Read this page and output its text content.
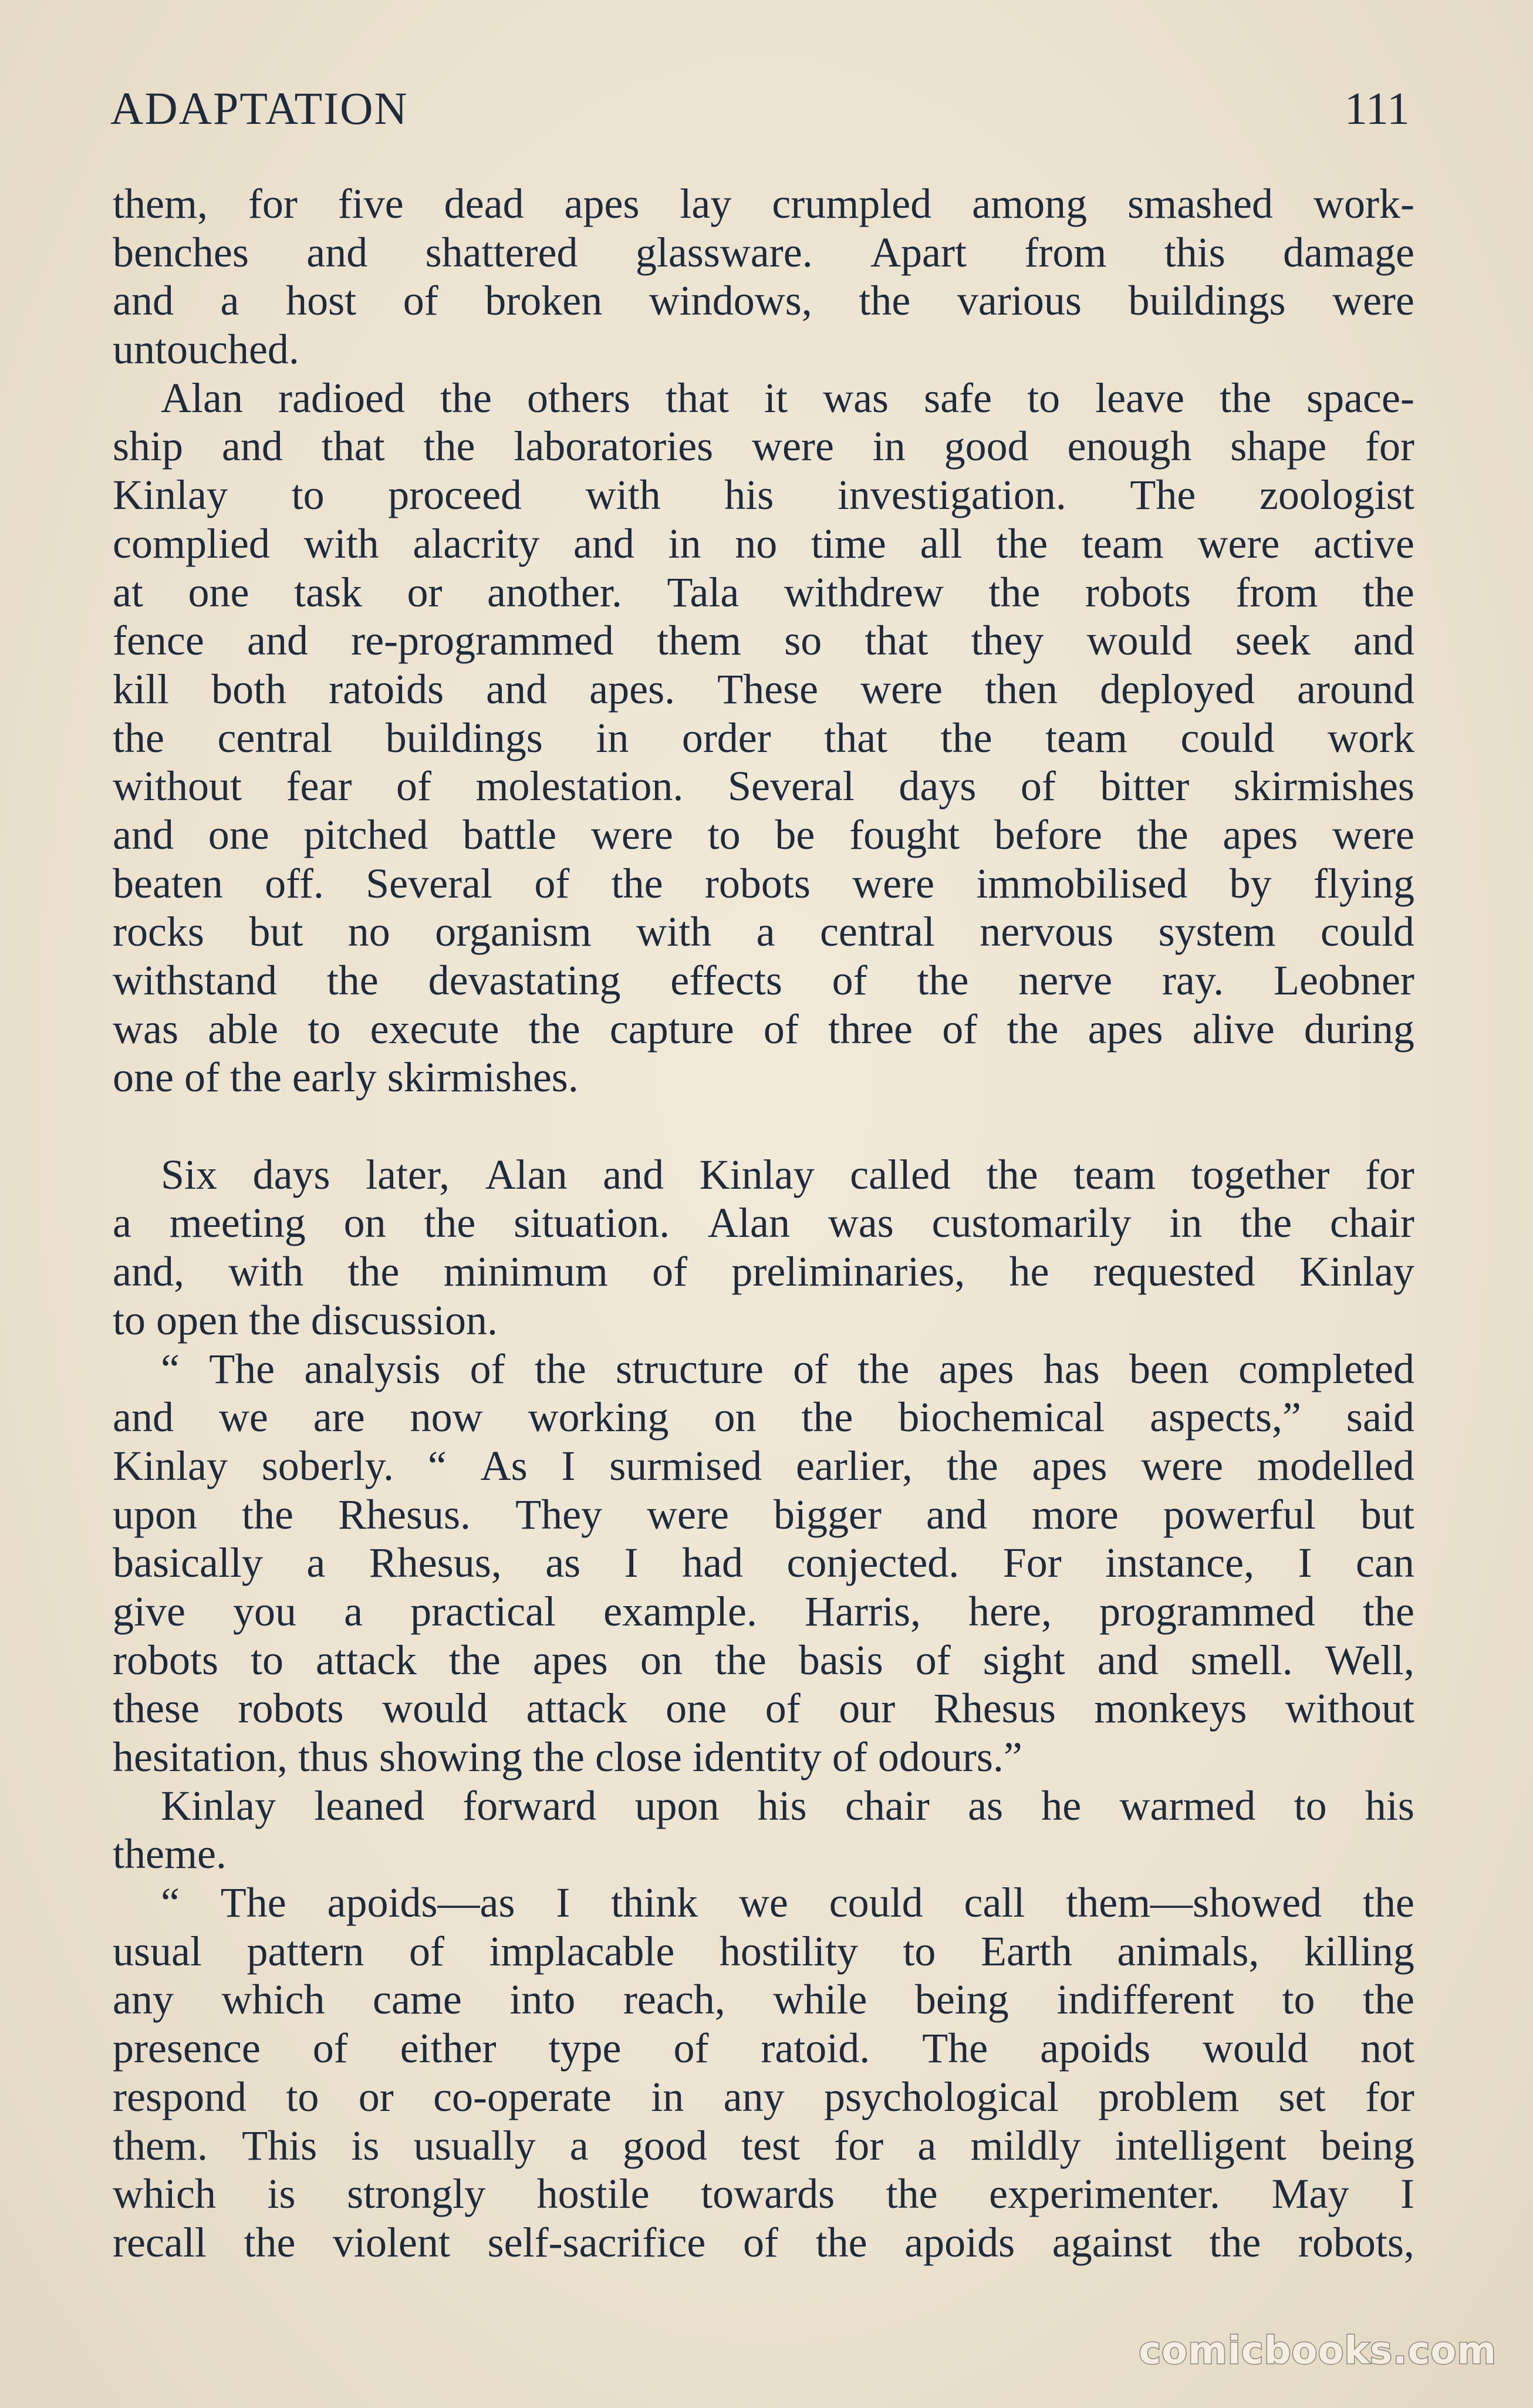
ADAPTATION	111
them, for five dead apes lay crumpled among smashed work-
benches and shattered glassware. Apart from this damage
and a host of broken windows, the various buildings were
untouched.
Alan radioed the others that it was safe to leave the space-
ship and that the laboratories were in good enough shape for
Kinlay to proceed with his investigation. The zoologist
complied with alacrity and in no time all the team were active
at one task or another. Tala withdrew the robots from the
fence and re-programmed them so that they would seek and
kill both ratoids and apes. These were then deployed around
the central buildings in order that the team could work
without fear of molestation. Several days of bitter skirmishes
and one pitched battle were to be fought before the apes were
beaten off. Several of the robots were immobilised by flying
rocks but no organism with a central nervous system could
withstand the devastating effects of the nerve ray. Leobner
was able to execute the capture of three of the apes alive during
one of the early skirmishes.
Six days later, Alan and Kinlay called the team together for
a meeting on the situation. Alan was customarily in the chair
and, with the minimum of preliminaries, he requested Kinlay
to open the discussion.
“ The analysis of the structure of the apes has been completed
and we are now working on the biochemical aspects,” said
Kinlay soberly. “ As I surmised earlier, the apes were modelled
upon the Rhesus. They were bigger and more powerful but
basically a Rhesus, as I had conjected. For instance, I can
give you a practical example. Harris, here, programmed the
robots to attack the apes on the basis of sight and smell. Well,
these robots would attack one of our Rhesus monkeys without
hesitation, thus showing the close identity of odours.”
Kinlay leaned forward upon his chair as he warmed to his
theme.
“ The apoids—as I think we could call them—showed the
usual pattern of implacable hostility to Earth animals, killing
any which came into reach, while being indifferent to the
presence of either type of ratoid. The apoids would not
respond to or co-operate in any psychological problem set for
them. This is usually a good test for a mildly intelligent being
which is strongly hostile towards the experimenter. May I
recall the violent self-sacrifice of the apoids against the robots,
comicbooks.com
